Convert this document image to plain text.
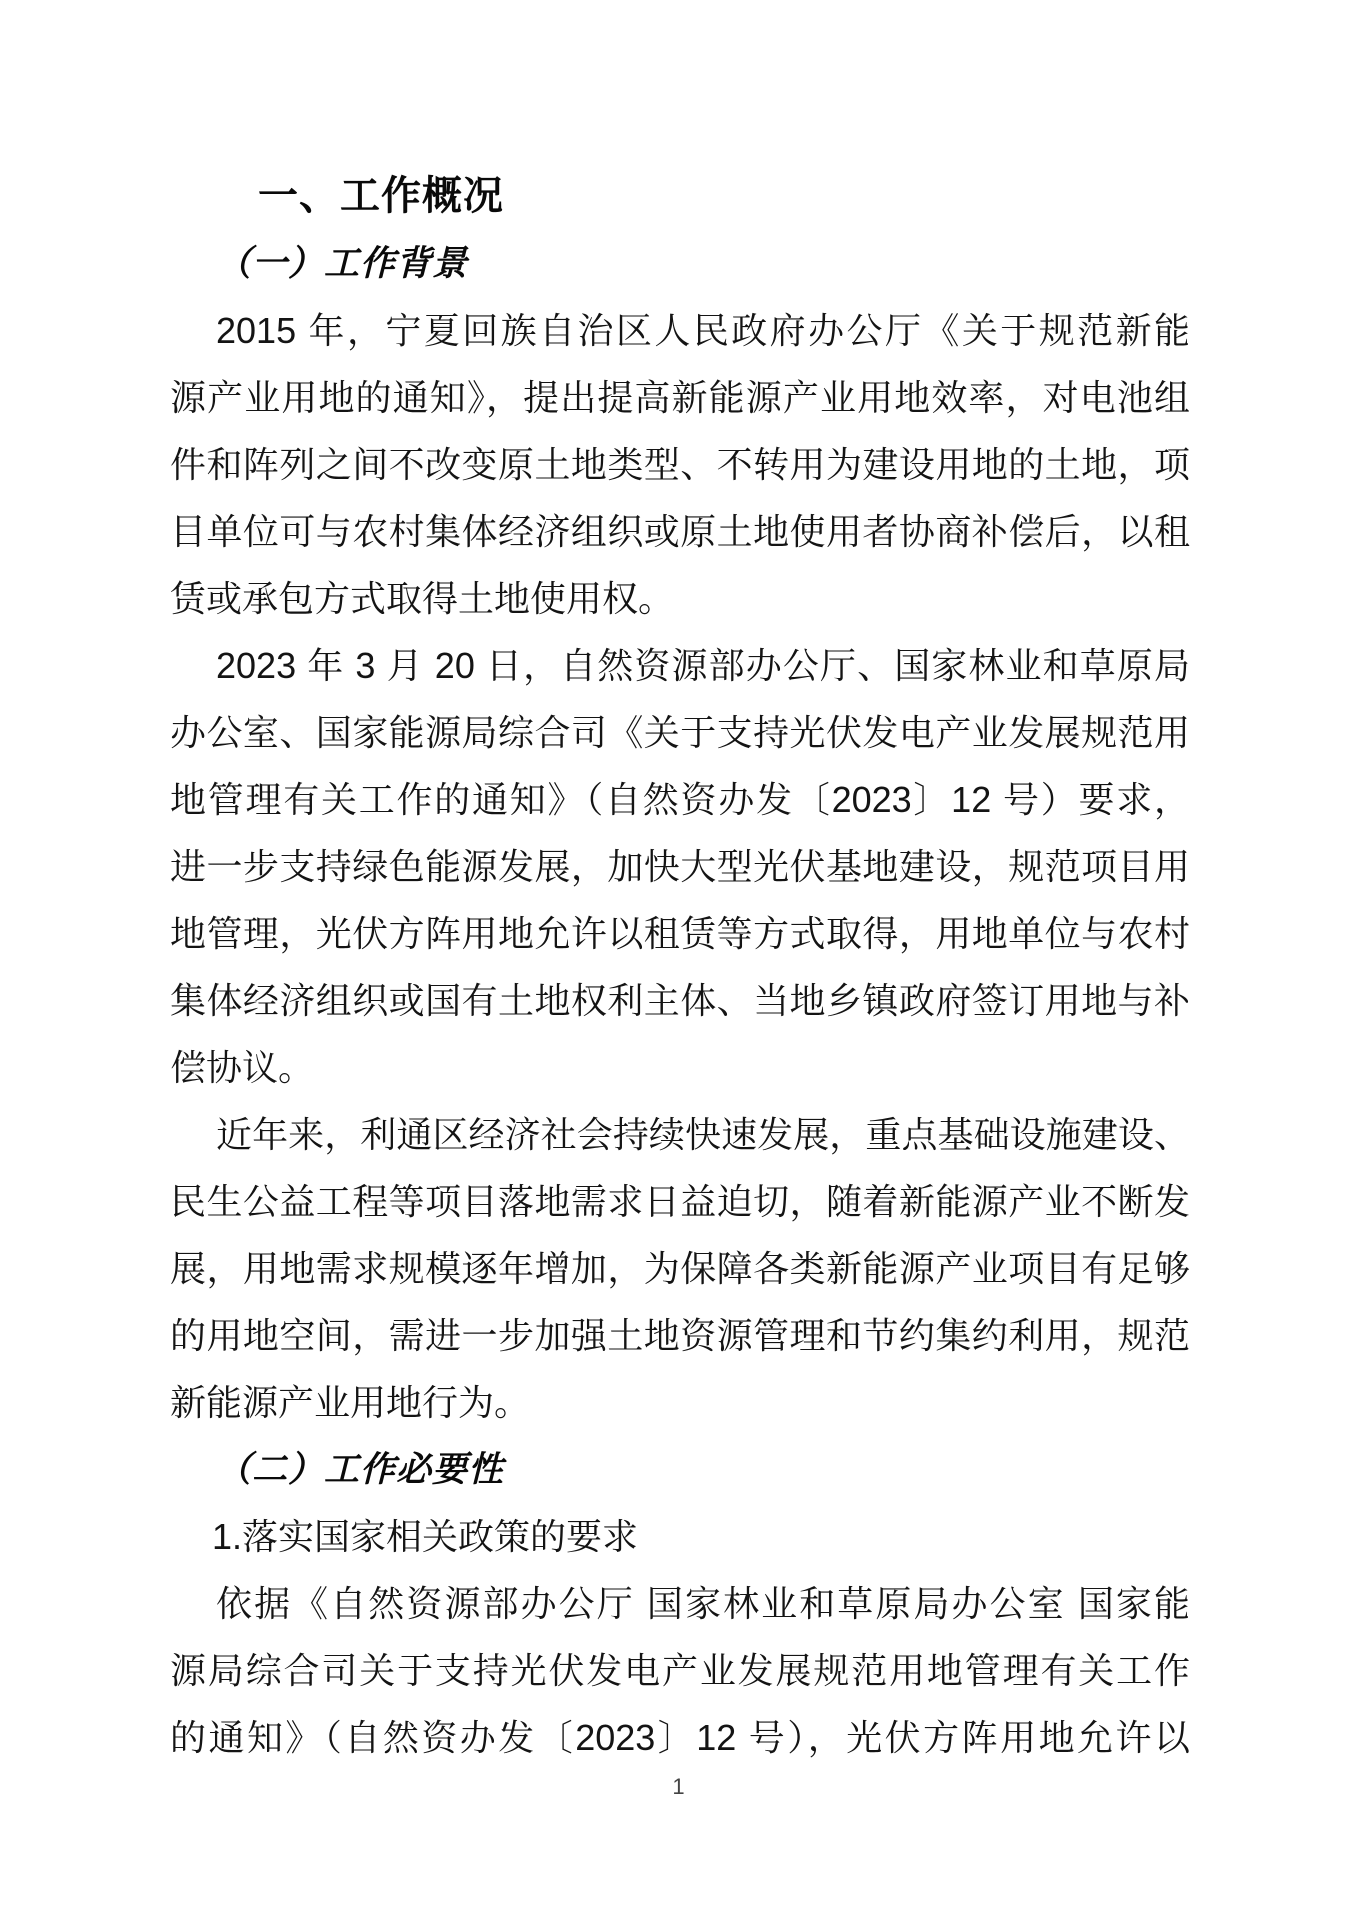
一、工作概况
（一）工作背景
2015 年，宁夏回族自治区人民政府办公厅《关于规范新能
源产业用地的通知》，提出提高新能源产业用地效率，对电池组
件和阵列之间不改变原土地类型、不转用为建设用地的土地，项
目单位可与农村集体经济组织或原土地使用者协商补偿后，以租
赁或承包方式取得土地使用权。
2023 年 3 月 20 日，自然资源部办公厅、国家林业和草原局
办公室、国家能源局综合司《关于支持光伏发电产业发展规范用
地管理有关工作的通知》（自然资办发〔2023〕12 号）要求，
进一步支持绿色能源发展，加快大型光伏基地建设，规范项目用
地管理，光伏方阵用地允许以租赁等方式取得，用地单位与农村
集体经济组织或国有土地权利主体、当地乡镇政府签订用地与补
偿协议。
近年来，利通区经济社会持续快速发展，重点基础设施建设、
民生公益工程等项目落地需求日益迫切，随着新能源产业不断发
展，用地需求规模逐年增加，为保障各类新能源产业项目有足够
的用地空间，需进一步加强土地资源管理和节约集约利用，规范
新能源产业用地行为。
（二）工作必要性
1.落实国家相关政策的要求
依据《自然资源部办公厅 国家林业和草原局办公室 国家能
源局综合司关于支持光伏发电产业发展规范用地管理有关工作
的通知》（自然资办发〔2023〕12 号），光伏方阵用地允许以
1
